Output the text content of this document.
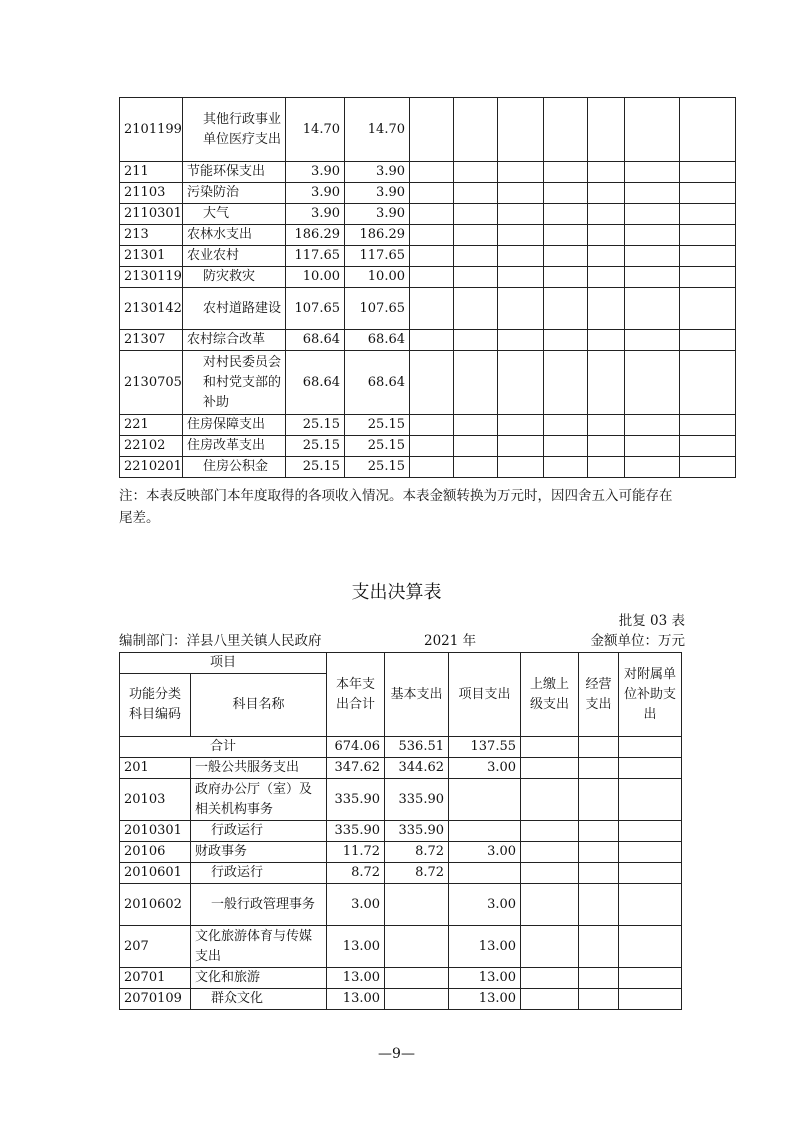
2101199	其他行政事业单位医疗支出	14.70	14.70							
211	节能环保支出	3.90	3.90							
21103	污染防治	3.90	3.90							
2110301	大气	3.90	3.90							
213	农林水支出	186.29	186.29							
21301	农业农村	117.65	117.65							
2130119	防灾救灾	10.00	10.00							
2130142	农村道路建设	107.65	107.65							
21307	农村综合改革	68.64	68.64							
2130705	对村民委员会和村党支部的补助	68.64	68.64							
221	住房保障支出	25.15	25.15							
22102	住房改革支出	25.15	25.15							
2210201	住房公积金	25.15	25.15							
注：本表反映部门本年度取得的各项收入情况。本表金额转换为万元时，因四舍五入可能存在尾差。
支出决算表
批复 03 表
编制部门：洋县八里关镇人民政府	2021 年	金额单位：万元
项目		本年支出合计	基本支出	项目支出	上缴上级支出	经营支出	对附属单位补助支出
功能分类科目编码	科目名称						
合计		674.06	536.51	137.55			
201	一般公共服务支出	347.62	344.62	3.00			
20103	政府办公厅（室）及相关机构事务	335.90	335.90				
2010301	行政运行	335.90	335.90				
20106	财政事务	11.72	8.72	3.00			
2010601	行政运行	8.72	8.72				
2010602	一般行政管理事务	3.00		3.00			
207	文化旅游体育与传媒支出	13.00		13.00			
20701	文化和旅游	13.00		13.00			
2070109	群众文化	13.00		13.00			
—9—
